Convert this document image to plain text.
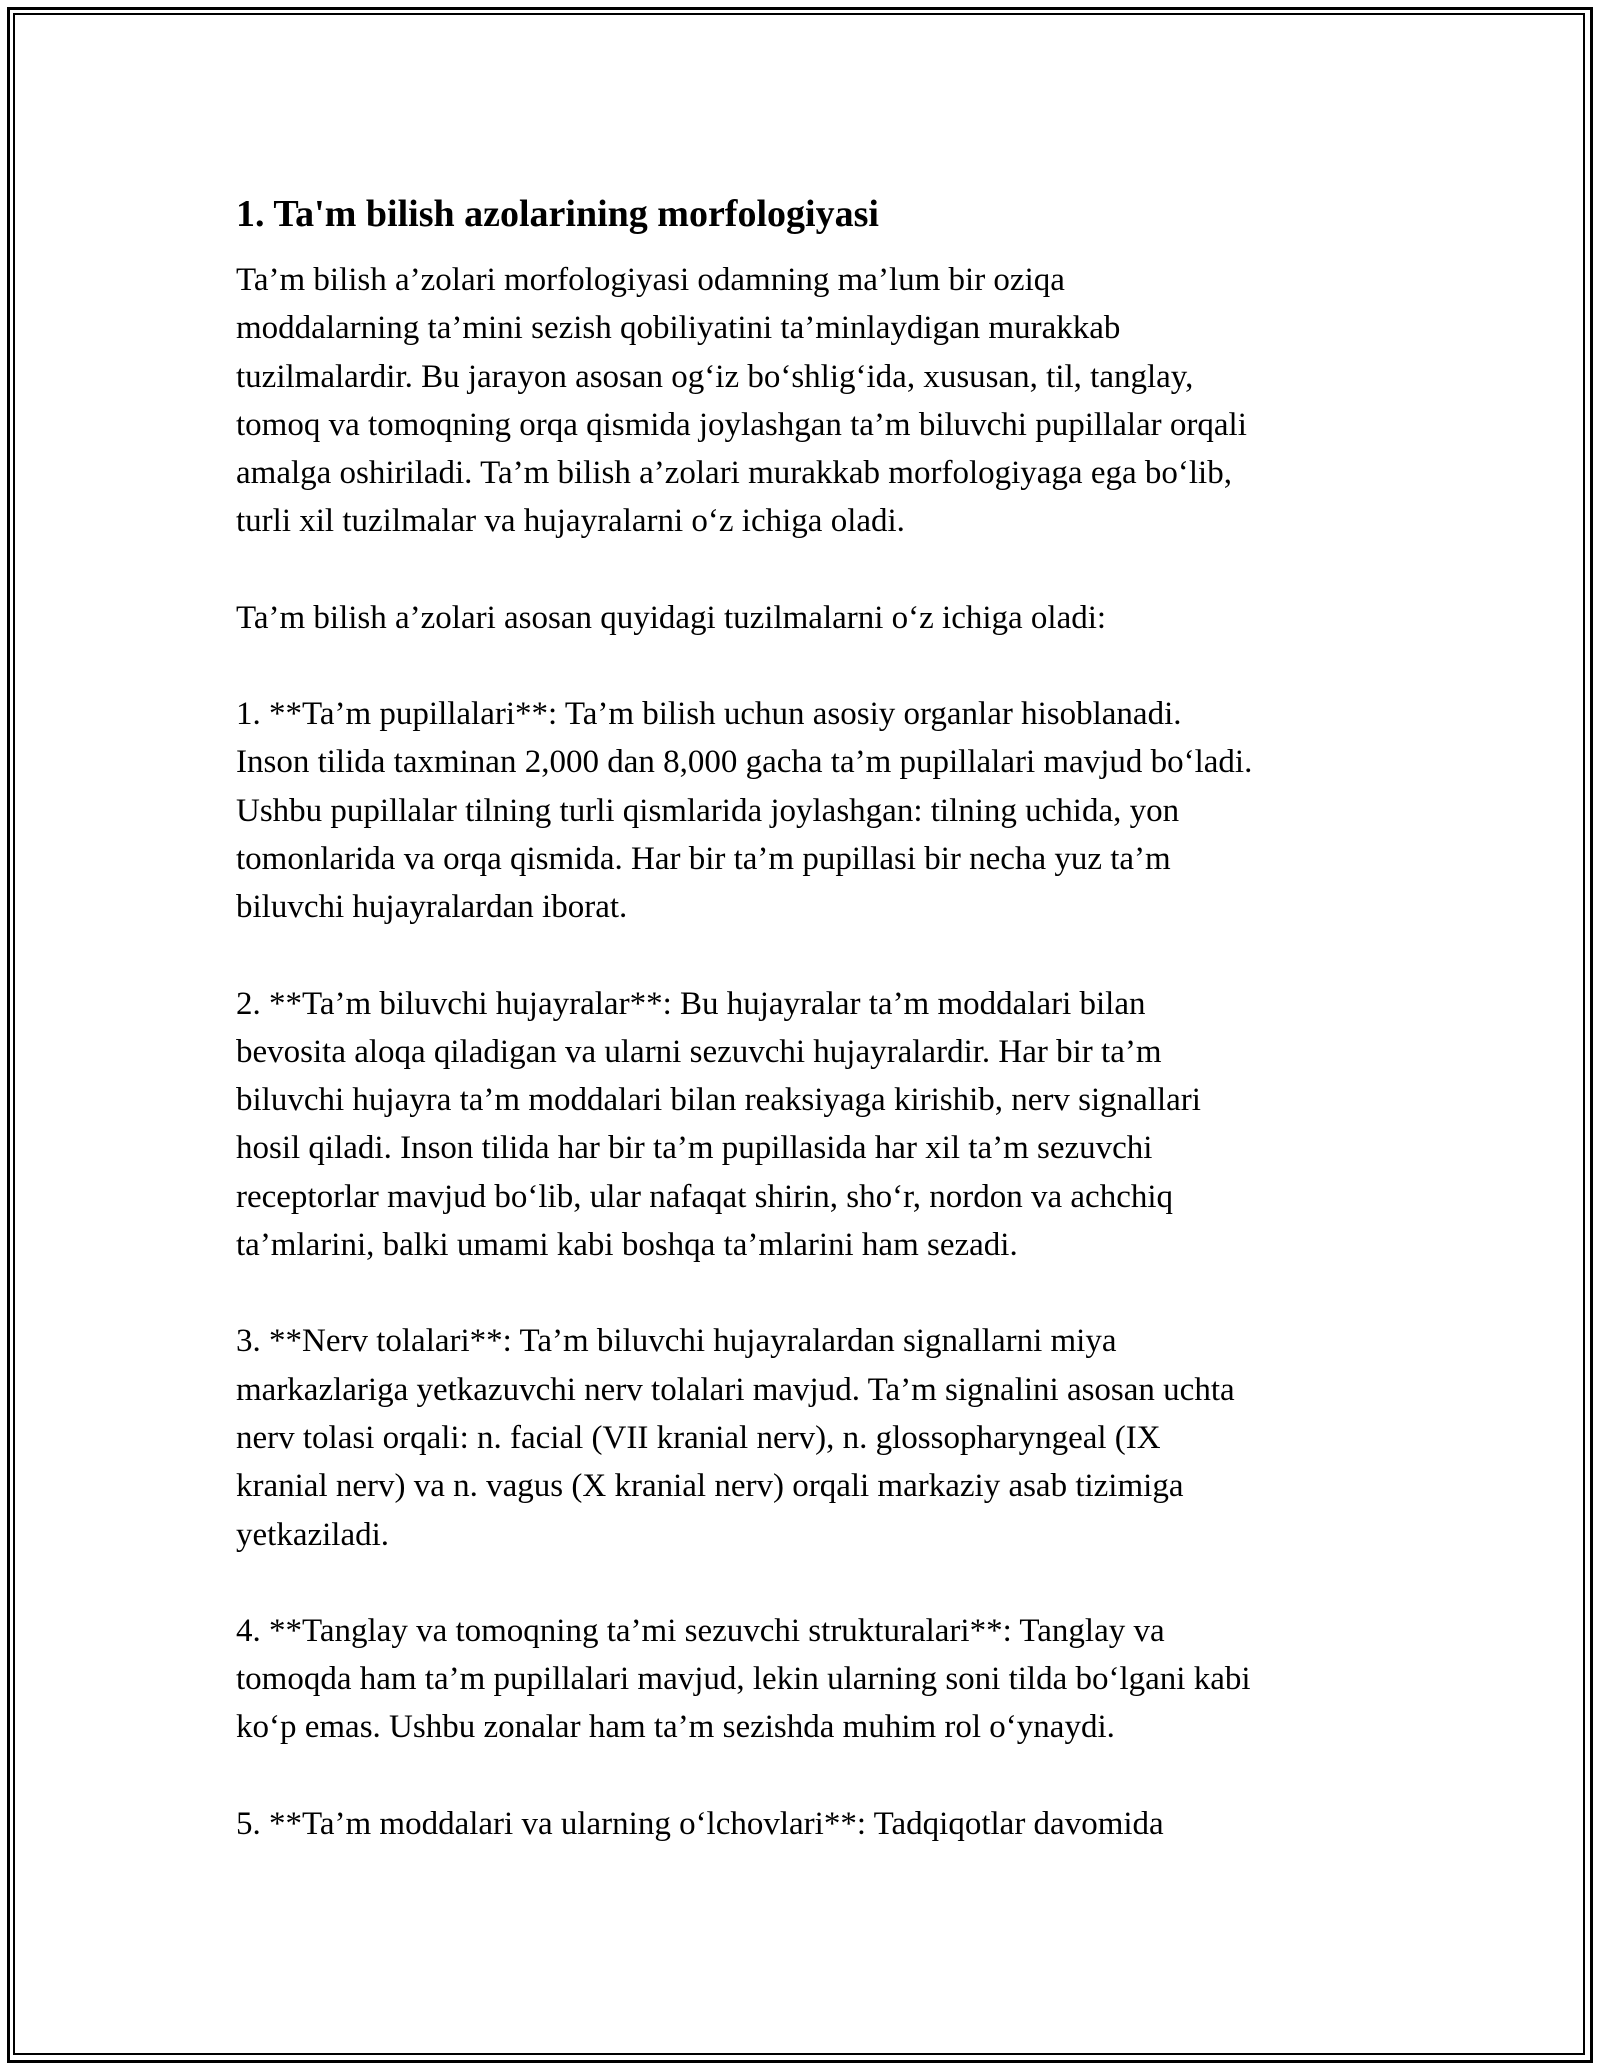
1. Ta'm bilish azolarining morfologiyasi

Ta’m bilish a’zolari morfologiyasi odamning ma’lum bir oziqa
moddalarning ta’mini sezish qobiliyatini ta’minlaydigan murakkab
tuzilmalardir. Bu jarayon asosan og‘iz bo‘shlig‘ida, xususan, til, tanglay,
tomoq va tomoqning orqa qismida joylashgan ta’m biluvchi pupillalar orqali
amalga oshiriladi. Ta’m bilish a’zolari murakkab morfologiyaga ega bo‘lib,
turli xil tuzilmalar va hujayralarni o‘z ichiga oladi.

Ta’m bilish a’zolari asosan quyidagi tuzilmalarni o‘z ichiga oladi:

1. **Ta’m pupillalari**: Ta’m bilish uchun asosiy organlar hisoblanadi.
Inson tilida taxminan 2,000 dan 8,000 gacha ta’m pupillalari mavjud bo‘ladi.
Ushbu pupillalar tilning turli qismlarida joylashgan: tilning uchida, yon
tomonlarida va orqa qismida. Har bir ta’m pupillasi bir necha yuz ta’m
biluvchi hujayralardan iborat.

2. **Ta’m biluvchi hujayralar**: Bu hujayralar ta’m moddalari bilan
bevosita aloqa qiladigan va ularni sezuvchi hujayralardir. Har bir ta’m
biluvchi hujayra ta’m moddalari bilan reaksiyaga kirishib, nerv signallari
hosil qiladi. Inson tilida har bir ta’m pupillasida har xil ta’m sezuvchi
receptorlar mavjud bo‘lib, ular nafaqat shirin, sho‘r, nordon va achchiq
ta’mlarini, balki umami kabi boshqa ta’mlarini ham sezadi.

3. **Nerv tolalari**: Ta’m biluvchi hujayralardan signallarni miya
markazlariga yetkazuvchi nerv tolalari mavjud. Ta’m signalini asosan uchta
nerv tolasi orqali: n. facial (VII kranial nerv), n. glossopharyngeal (IX
kranial nerv) va n. vagus (X kranial nerv) orqali markaziy asab tizimiga
yetkaziladi.

4. **Tanglay va tomoqning ta’mi sezuvchi strukturalari**: Tanglay va
tomoqda ham ta’m pupillalari mavjud, lekin ularning soni tilda bo‘lgani kabi
ko‘p emas. Ushbu zonalar ham ta’m sezishda muhim rol o‘ynaydi.

5. **Ta’m moddalari va ularning o‘lchovlari**: Tadqiqotlar davomida
